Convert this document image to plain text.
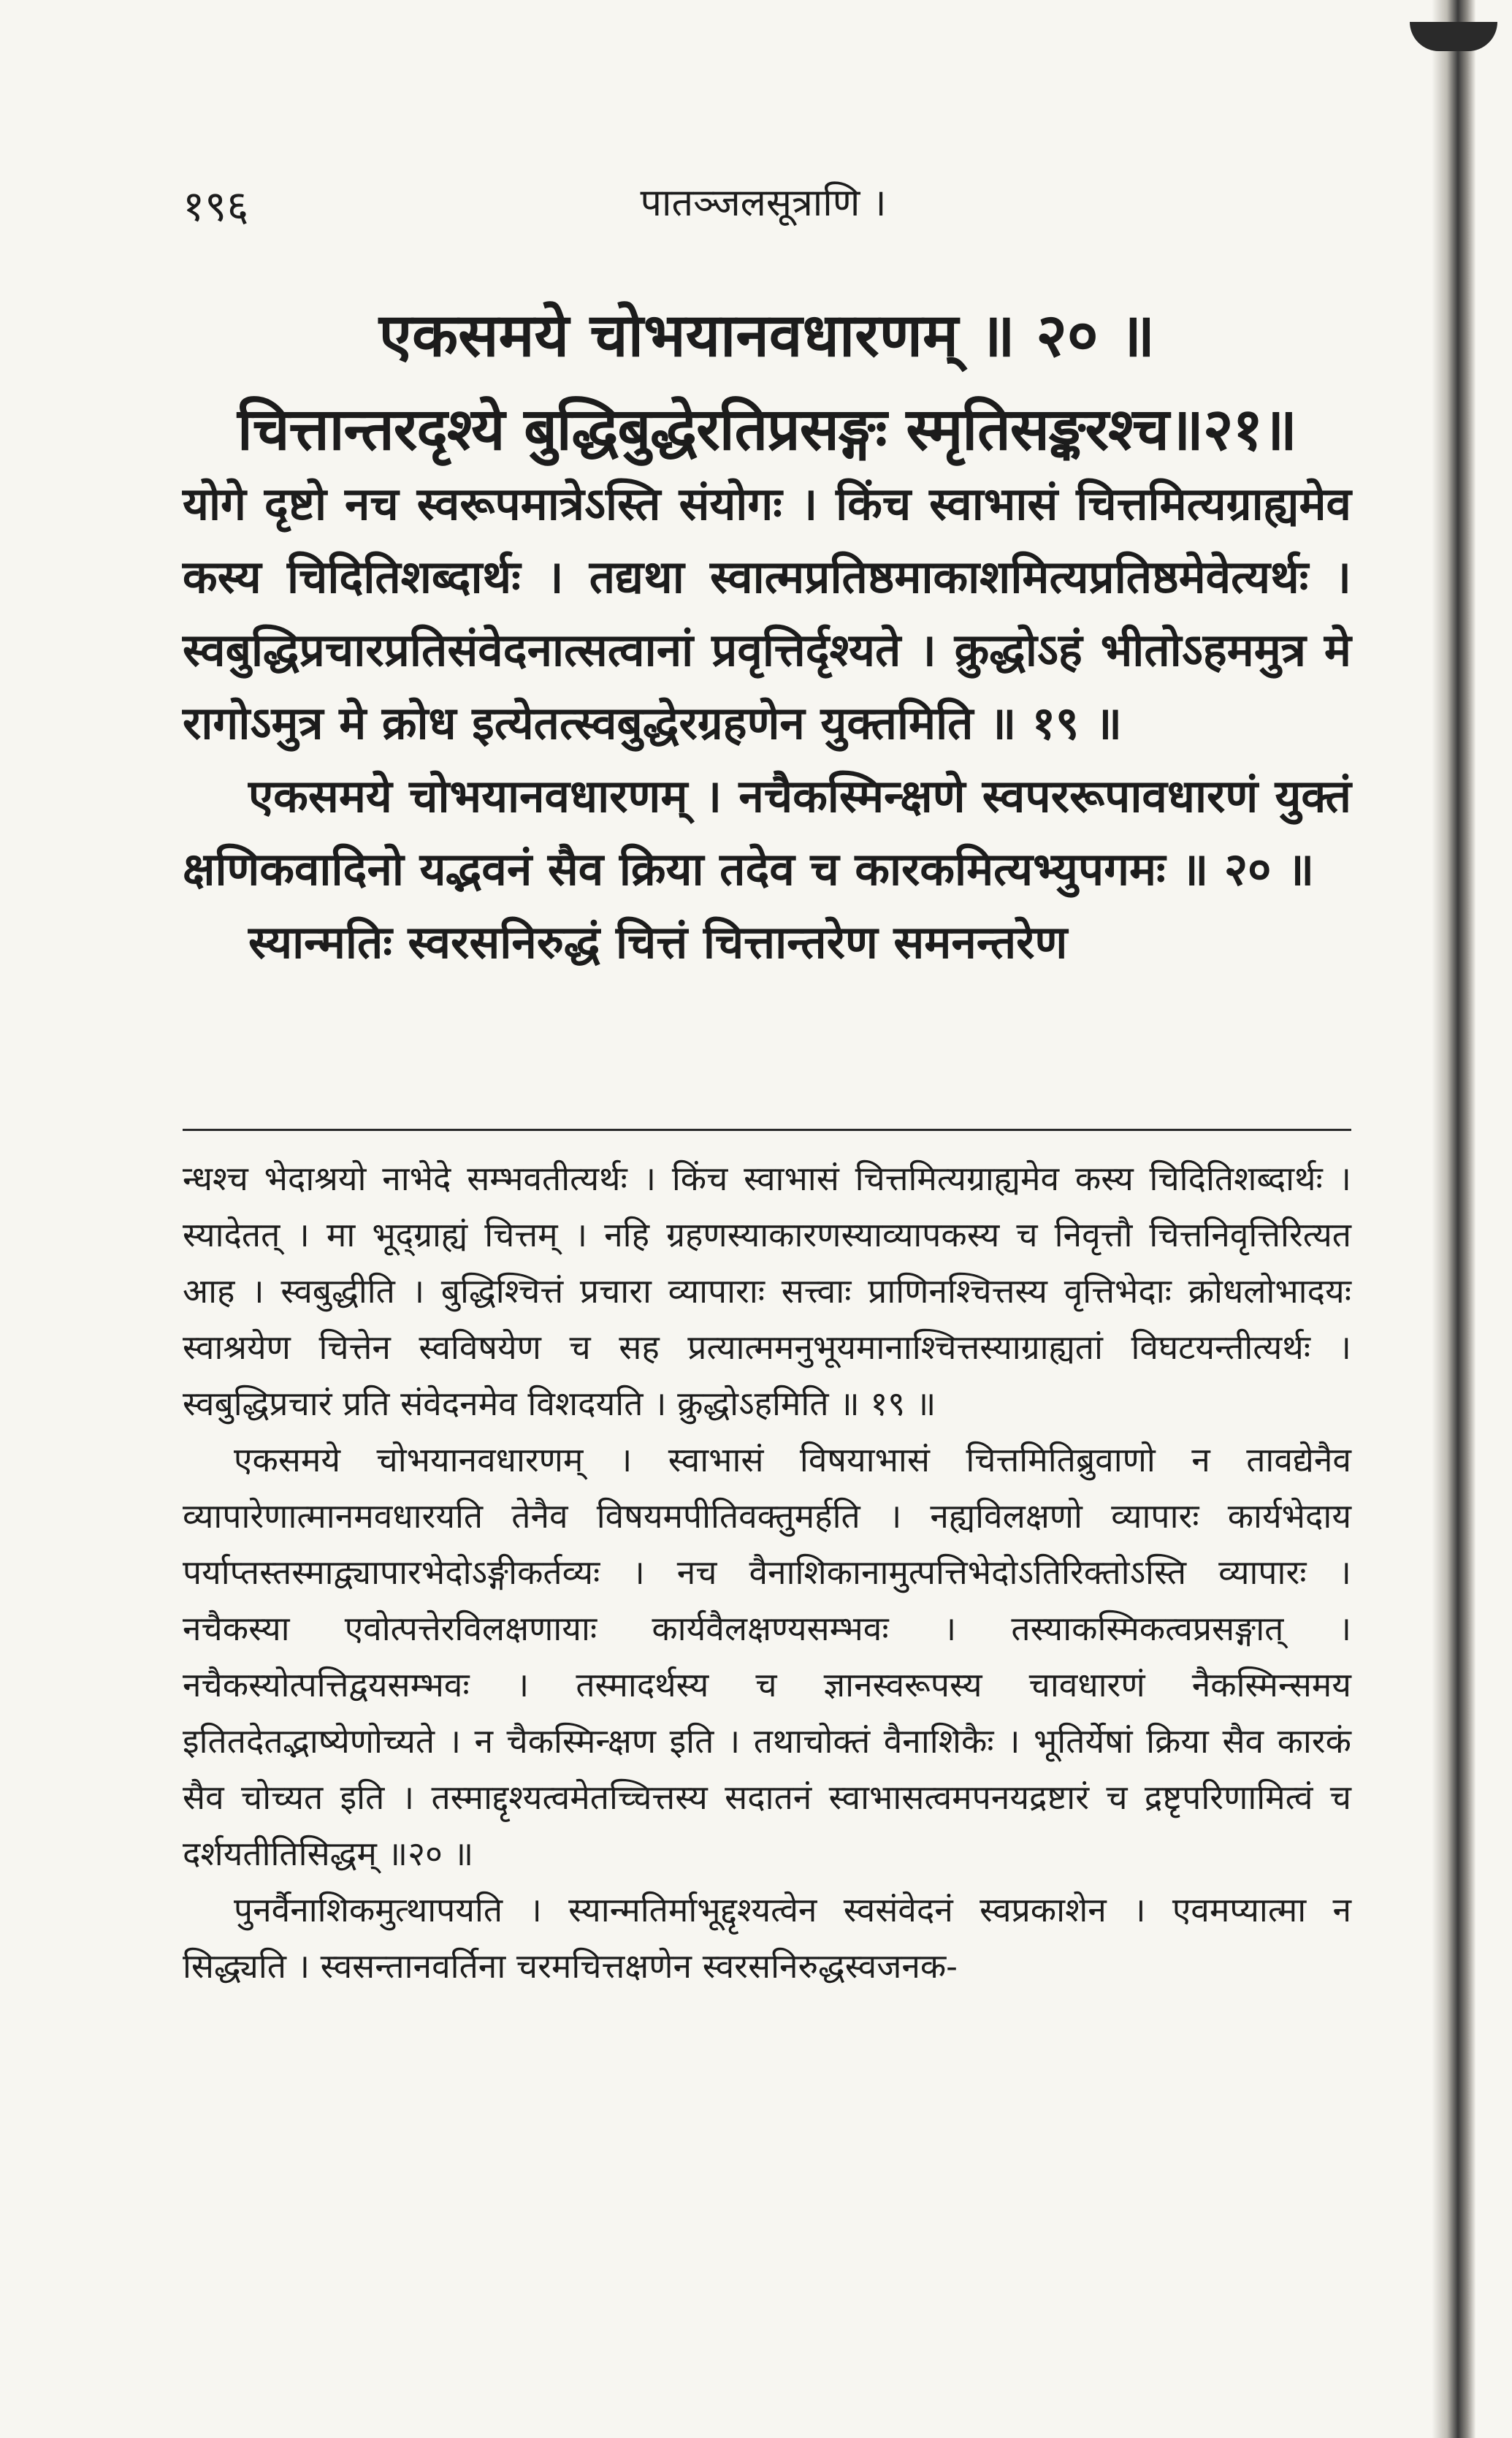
१९६	पातञ्जलसूत्राणि ।
एकसमये चोभयानवधारणम् ॥ २० ॥
चित्तान्तरदृश्ये बुद्धिबुद्धेरतिप्रसङ्गः स्मृतिसङ्करश्च॥२१॥

योगे दृष्टो नच स्वरूपमात्रेऽस्ति संयोगः । किंच स्वाभासं चित्तमित्यग्राह्यमेव कस्य चिदितिशब्दार्थः । तद्यथा स्वात्मप्रतिष्ठमाकाशमित्यप्रतिष्ठमेवेत्यर्थः । स्वबुद्धिप्रचारप्रतिसंवेदनात्सत्वानां प्रवृत्तिर्दृश्यते । क्रुद्धोऽहं भीतोऽहममुत्र मे रागोऽमुत्र मे क्रोध इत्येतत्स्वबुद्धेरग्रहणेन युक्तमिति ॥ १९ ॥

एकसमये चोभयानवधारणम् । नचैकस्मिन्क्षणे स्वपररूपावधारणं युक्तं क्षणिकवादिनो यद्भवनं सैव क्रिया तदेव च कारकमित्यभ्युपगमः ॥ २० ॥

स्यान्मतिः स्वरसनिरुद्धं चित्तं चित्तान्तरेण समनन्तरेण

न्धश्च भेदाश्रयो नाभेदे सम्भवतीत्यर्थः । किंच स्वाभासं चित्तमित्यग्राह्यमेव कस्य चिदितिशब्दार्थः । स्यादेतत् । मा भूद्ग्राह्यं चित्तम् । नहि ग्रहणस्याकारणस्याव्यापकस्य च निवृत्तौ चित्तनिवृत्तिरित्यत आह । स्वबुद्धीति । बुद्धिश्चित्तं प्रचारा व्यापाराः सत्त्वाः प्राणिनश्चित्तस्य वृत्तिभेदाः क्रोधलोभादयः स्वाश्रयेण चित्तेन स्वविषयेण च सह प्रत्यात्ममनुभूयमानाश्चित्तस्याग्राह्यतां विघटयन्तीत्यर्थः । स्वबुद्धिप्रचारं प्रति संवेदनमेव विशदयति । क्रुद्धोऽहमिति ॥ १९ ॥

एकसमये चोभयानवधारणम् । स्वाभासं विषयाभासं चित्तमितिब्रुवाणो न तावद्येनैव व्यापारेणात्मानमवधारयति तेनैव विषयमपीतिवक्तुमर्हति । नह्यविलक्षणो व्यापारः कार्यभेदाय पर्याप्तस्तस्माद्व्यापारभेदोऽङ्गीकर्तव्यः । नच वैनाशिकानामुत्पत्तिभेदोऽतिरिक्तोऽस्ति व्यापारः । नचैकस्या एवोत्पत्तेरविलक्षणायाः कार्यवैलक्षण्यसम्भवः । तस्याकस्मिकत्वप्रसङ्गात् । नचैकस्योत्पत्तिद्वयसम्भवः । तस्मादर्थस्य च ज्ञानस्वरूपस्य चावधारणं नैकस्मिन्समय इतितदेतद्भाष्येणोच्यते । न चैकस्मिन्क्षण इति । तथाचोक्तं वैनाशिकैः । भूतिर्येषां क्रिया सैव कारकं सैव चोच्यत इति । तस्माद्दृश्यत्वमेतच्चित्तस्य सदातनं स्वाभासत्वमपनयद्रष्टारं च द्रष्टृपरिणामित्वं च दर्शयतीतिसिद्धम् ॥२० ॥

पुनर्वैनाशिकमुत्थापयति । स्यान्मतिर्माभूद्दृश्यत्वेन स्वसंवेदनं स्वप्रकाशेन । एवमप्यात्मा न सिद्ध्यति । स्वसन्तानवर्तिना चरमचित्तक्षणेन स्वरसनिरुद्धस्वजनक-
